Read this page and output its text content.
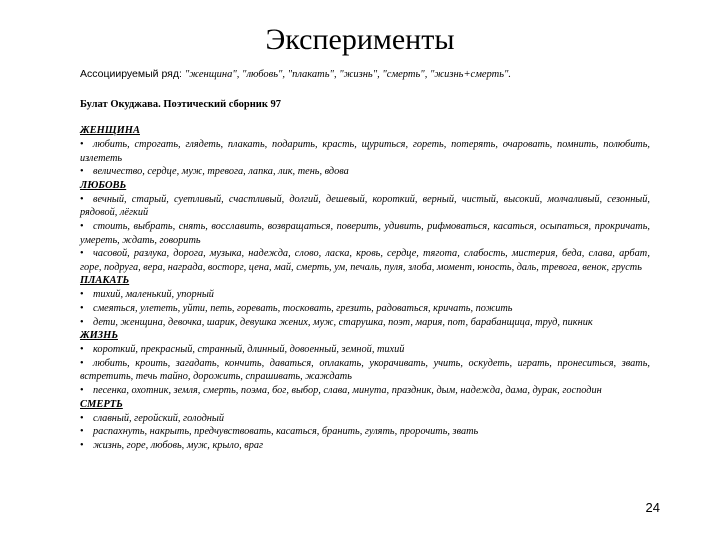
Эксперименты
Ассоциируемый ряд: "женщина", "любовь", "плакать", "жизнь", "смерть", "жизнь+смерть".
Булат Окуджава. Поэтический сборник 97
ЖЕНЩИНА
• любить, строгать, глядеть, плакать, подарить, красть, щуриться, гореть, потерять, очаровать, помнить, полюбить, излететь
• величество, сердце, муж, тревога, лапка, лик, тень, вдова
ЛЮБОВЬ
• вечный, старый, суетливый, счастливый, долгий, дешевый, короткий, верный, чистый, высокий, молчаливый, сезонный, рядовой, лёгкий
• стоить, выбрать, снять, восславить, возвращаться, поверить, удивить, рифмоваться, касаться, осыпаться, прокричать, умереть, ждать, говорить
• часовой, разлука, дорога, музыка, надежда, слово, ласка, кровь, сердце, тягота, слабость, мистерия, беда, слава, арбат, горе, подруга, вера, награда, восторг, цена, май, смерть, ум, печаль, пуля, злоба, момент, юность, даль, тревога, венок, грусть
ПЛАКАТЬ
• тихий, маленький, упорный
• смеяться, улететь, уйти, петь, горевать, тосковать, грезить, радоваться, кричать, пожить
• дети, женщина, девочка, шарик, девушка жених, муж, старушка, поэт, мария, пот, барабанщица, труд, пикник
ЖИЗНЬ
• короткий, прекрасный, странный, длинный, довоенный, земной, тихий
• любить, кроить, загадать, кончить, даваться, оплакать, укорачивать, учить, оскудеть, играть, пронеситься, звать, встретить, течь тайно, дорожить, спрашивать, жаждать
• песенка, охотник, земля, смерть, поэма, бог, выбор, слава, минута, праздник, дым, надежда, дама, дурак, господин
СМЕРТЬ
• славный, геройский, голодный
• распахнуть, накрыть, предчувствовать, касаться, бранить, гулять, пророчить, звать
• жизнь, горе, любовь, муж, крыло, враг
24
